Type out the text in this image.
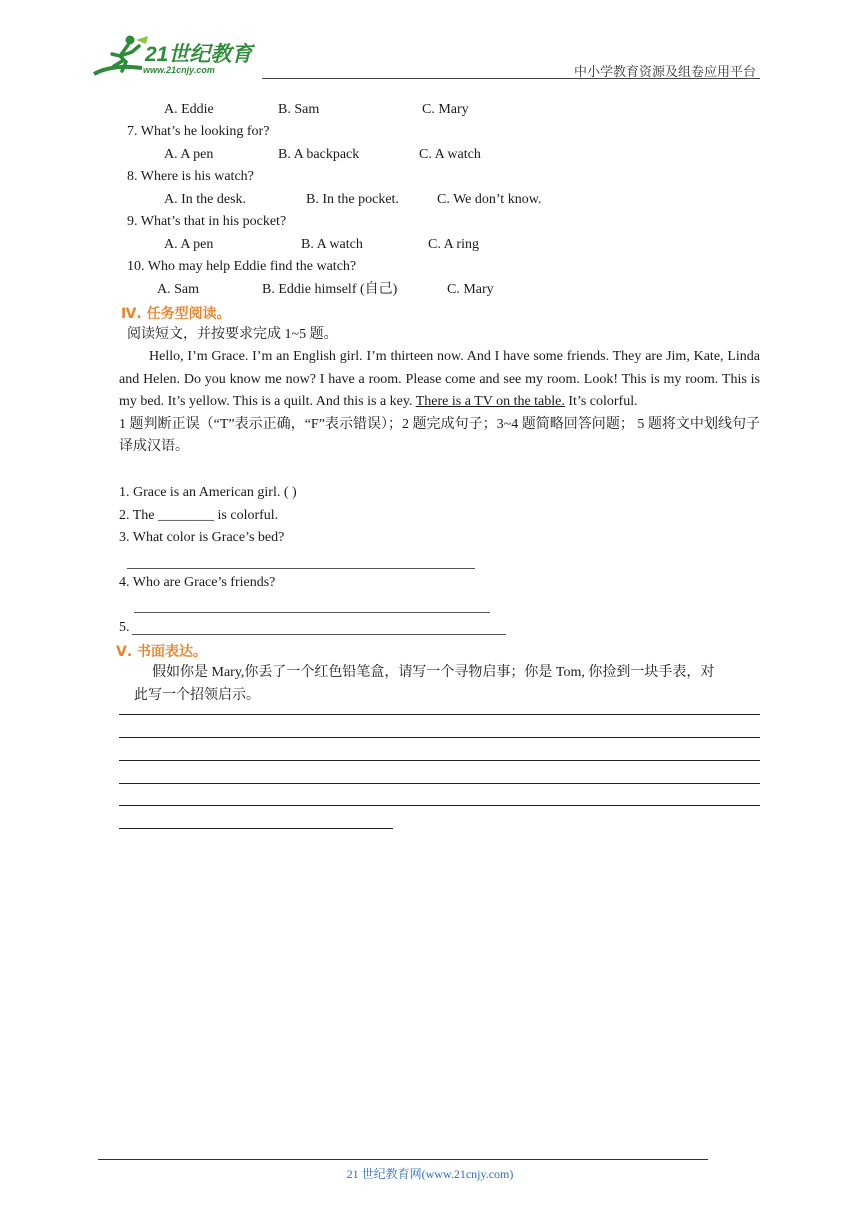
21世纪教育
www.21cnjy.com	中小学教育资源及组卷应用平台
A. Eddie	B. Sam	C. Mary
7. What’s he looking for?
A. A pen	B. A backpack	C. A watch
8. Where is his watch?
A. In the desk.	B. In the pocket.	C. We don’t know.
9. What’s that in his pocket?
A. A pen	B. A watch	C. A ring
10. Who may help Eddie find the watch?
A. Sam	B. Eddie himself (自己)	C. Mary
Ⅳ. 任务型阅读。
阅读短文，并按要求完成 1~5 题。

Hello, I’m Grace. I’m an English girl. I’m thirteen now. And I have some friends. They are Jim, Kate, Linda and Helen. Do you know me now? I have a room. Please come and see my room. Look! This is my room. This is my bed. It’s yellow. This is a quilt. And this is a key. There is a TV on the table. It’s colorful.

1 题判断正误（“T”表示正确，“F”表示错误）；2 题完成句子；3~4 题简略回答问题； 5 题将文中划线句子译成汉语。

1. Grace is an American girl. ( )
2. The ________ is colorful.
3. What color is Grace’s bed?
4. Who are Grace’s friends?
5.
Ⅴ. 书面表达。
假如你是 Mary,你丢了一个红色铅笔盒，请写一个寻物启事；你是 Tom, 你捡到一块手表，对
此写一个招领启示。
21 世纪教育网(www.21cnjy.com)
